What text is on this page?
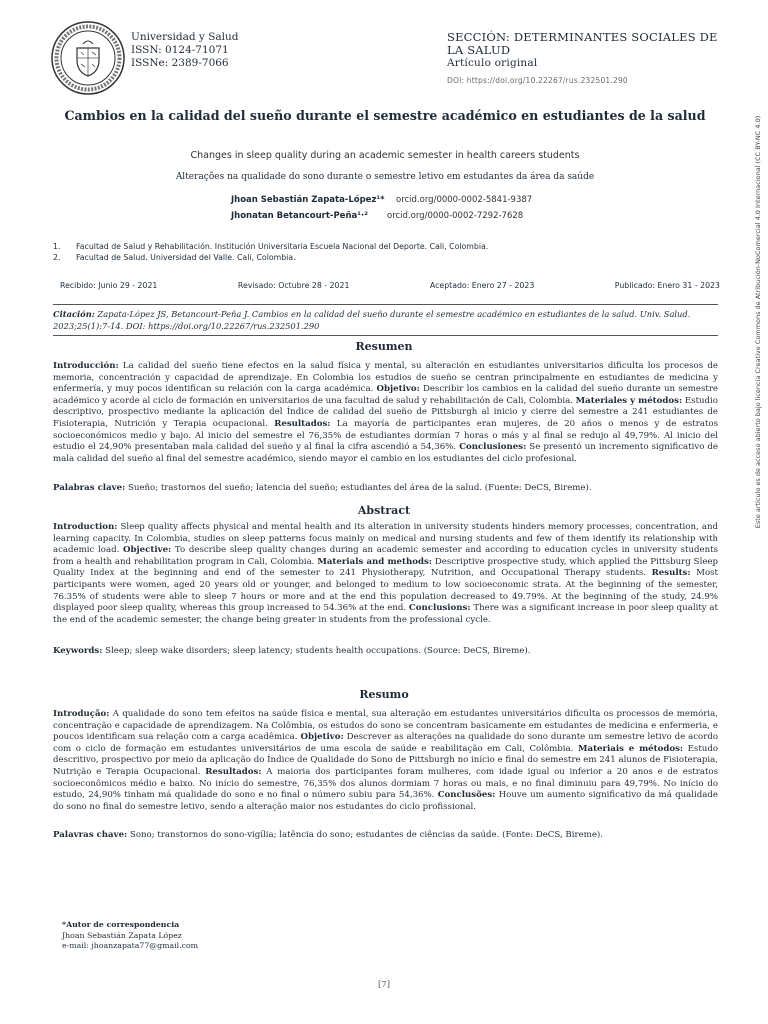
Universidad y Salud
ISSN: 0124-71071
ISSNe: 2389-7066
SECCIÓN: DETERMINANTES SOCIALES DE LA SALUD
Artículo original
DOI: https://doi.org/10.22267/rus.232501.290
Cambios en la calidad del sueño durante el semestre académico en estudiantes de la salud
Changes in sleep quality during an academic semester in health careers students
Alterações na qualidade do sono durante o semestre letivo em estudantes da área da saúde
Jhoan Sebastián Zapata-López¹* orcid.org/0000-0002-5841-9387
Jhonatan Betancourt-Peña¹·² orcid.org/0000-0002-7292-7628
1. Facultad de Salud y Rehabilitación. Institución Universitaria Escuela Nacional del Deporte. Cali, Colombia.
2. Facultad de Salud. Universidad del Valle. Cali, Colombia.
Recibido: Junio 29 - 2021	Revisado: Octubre 28 - 2021	Aceptado: Enero 27 - 2023	Publicado: Enero 31 - 2023
Citación: Zapata-López JS, Betancourt-Peña J. Cambios en la calidad del sueño durante el semestre académico en estudiantes de la salud. Univ. Salud. 2023;25(1):7-14. DOI: https://doi.org/10.22267/rus.232501.290
Resumen
Introducción: La calidad del sueño tiene efectos en la salud física y mental, su alteración en estudiantes universitarios dificulta los procesos de memoria, concentración y capacidad de aprendizaje. En Colombia los estudios de sueño se centran principalmente en estudiantes de medicina y enfermería, y muy pocos identifican su relación con la carga académica. Objetivo: Describir los cambios en la calidad del sueño durante un semestre académico y acorde al ciclo de formación en universitarios de una facultad de salud y rehabilitación de Cali, Colombia. Materiales y métodos: Estudio descriptivo, prospectivo mediante la aplicación del Índice de calidad del sueño de Pittsburgh al inicio y cierre del semestre a 241 estudiantes de Fisioterapia, Nutrición y Terapia ocupacional. Resultados: La mayoría de participantes eran mujeres, de 20 años o menos y de estratos socioeconómicos medio y bajo. Al inicio del semestre el 76,35% de estudiantes dormían 7 horas o más y al final se redujo al 49,79%. Al inicio del estudio el 24,90% presentaban mala calidad del sueño y al final la cifra ascendió a 54,36%. Conclusiones: Se presentó un incremento significativo de mala calidad del sueño al final del semestre académico, siendo mayor el cambio en los estudiantes del ciclo profesional.
Palabras clave: Sueño; trastornos del sueño; latencia del sueño; estudiantes del área de la salud. (Fuente: DeCS, Bireme).
Abstract
Introduction: Sleep quality affects physical and mental health and its alteration in university students hinders memory processes, concentration, and learning capacity. In Colombia, studies on sleep patterns focus mainly on medical and nursing students and few of them identify its relationship with academic load. Objective: To describe sleep quality changes during an academic semester and according to education cycles in university students from a health and rehabilitation program in Cali, Colombia. Materials and methods: Descriptive prospective study, which applied the Pittsburg Sleep Quality Index at the beginning and end of the semester to 241 Physiotherapy, Nutrition, and Occupational Therapy students. Results: Most participants were women, aged 20 years old or younger, and belonged to medium to low socioeconomic strata. At the beginning of the semester, 76.35% of students were able to sleep 7 hours or more and at the end this population decreased to 49.79%. At the beginning of the study, 24.9% displayed poor sleep quality, whereas this group increased to 54.36% at the end. Conclusions: There was a significant increase in poor sleep quality at the end of the academic semester, the change being greater in students from the professional cycle.
Keywords: Sleep; sleep wake disorders; sleep latency; students health occupations. (Source: DeCS, Bireme).
Resumo
Introdução: A qualidade do sono tem efeitos na saúde física e mental, sua alteração em estudantes universitários dificulta os processos de memória, concentração e capacidade de aprendizagem. Na Colômbia, os estudos do sono se concentram basicamente em estudantes de medicina e enfermeria, e poucos identificam sua relação com a carga acadêmica. Objetivo: Descrever as alterações na qualidade do sono durante um semestre letivo de acordo com o ciclo de formação em estudantes universitários de uma escola de saúde e reabilitação em Cali, Colômbia. Materiais e métodos: Estudo descritivo, prospectivo por meio da aplicação do Índice de Qualidade do Sono de Pittsburgh no início e final do semestre em 241 alunos de Fisioterapia, Nutrição e Terapia Ocupacional. Resultados: A maioria dos participantes foram mulheres, com idade igual ou inferior a 20 anos e de estratos socioeconômicos médio e baixo. No início do semestre, 76,35% dos alunos dormiam 7 horas ou mais, e no final diminuiu para 49,79%. No início do estudo, 24,90% tinham má qualidade do sono e no final o número subiu para 54,36%. Conclusões: Houve um aumento significativo da má qualidade do sono no final do semestre letivo, sendo a alteração maior nos estudantes do ciclo profissional.
Palavras chave: Sono; transtornos do sono-vigília; latência do sono; estudantes de ciências da saúde. (Fonte: DeCS, Bireme).
*Autor de correspondencia
Jhoan Sebastián Zapata López
e-mail: jhoanzapata77@gmail.com
[7]
Este artículo es de acceso abierto bajo licencia Creative Commons de Atribución-NoComercial 4.0 Internacional (CC BY-NC 4.0)
